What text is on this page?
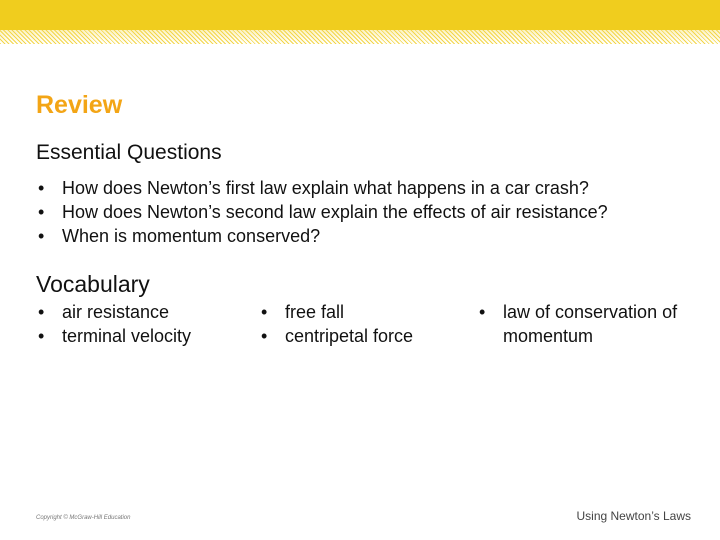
Review
Essential Questions
• How does Newton’s first law explain what happens in a car crash?
• How does Newton’s second law explain the effects of air resistance?
• When is momentum conserved?
Vocabulary
• air resistance
• terminal velocity
• free fall
• centripetal force
• law of conservation of momentum
Copyright © McGraw-Hill Education	Using Newton’s Laws
